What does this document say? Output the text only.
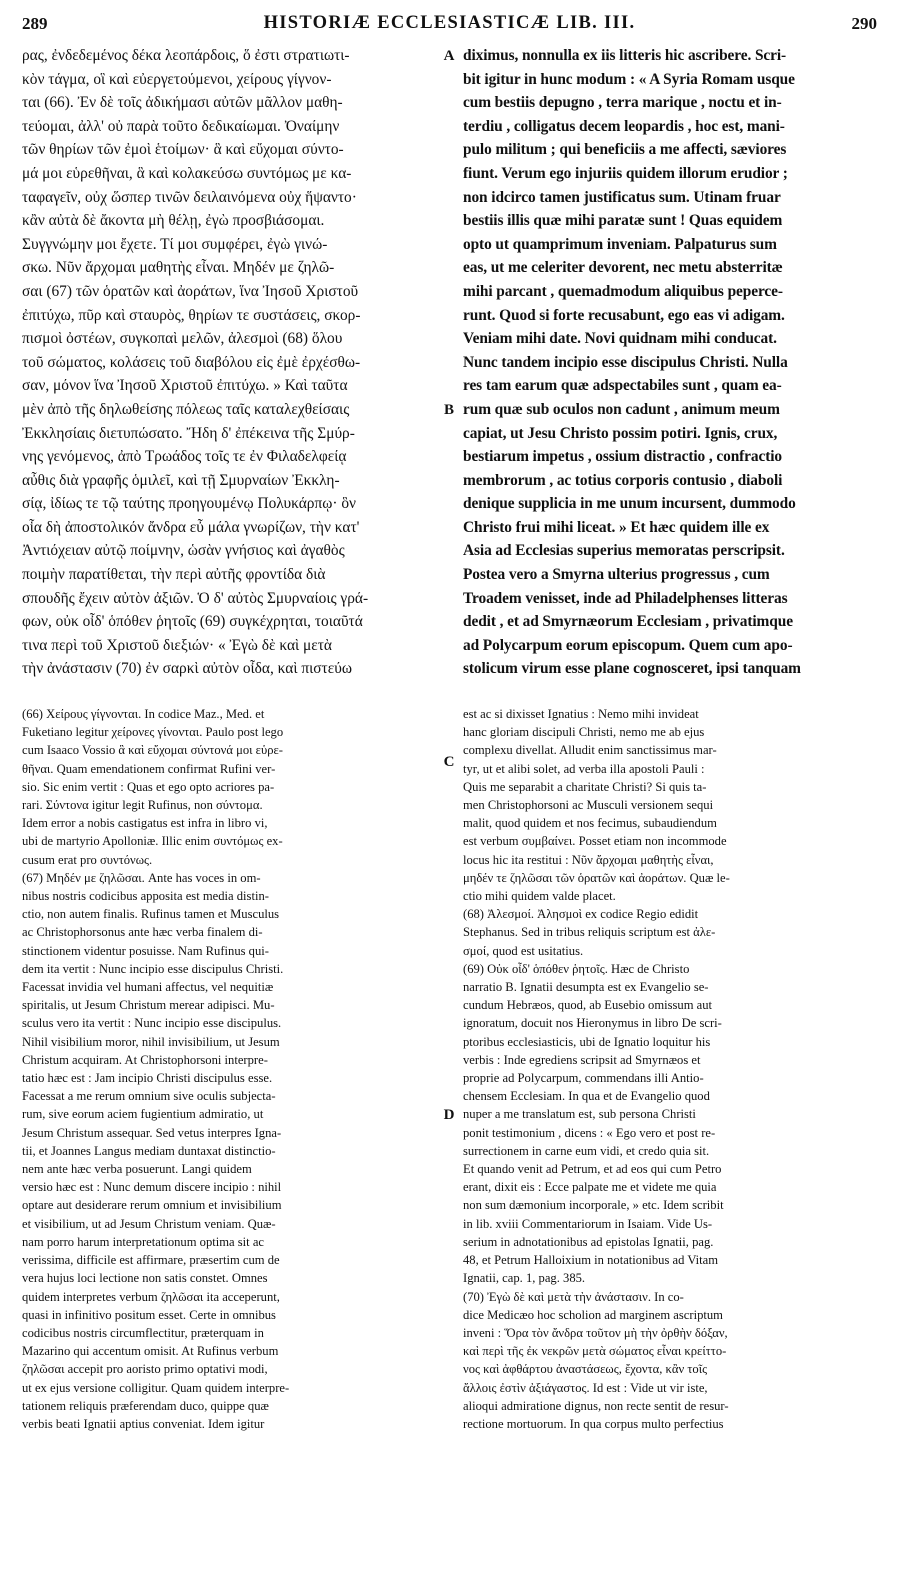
289	HISTORIÆ ECCLESIASTICÆ LIB. III.	290
ρας, ἐνδεδεμένος δέκα λεοπάρδοις, ὅ ἐστι στρατιωτι-
κὸν τάγμα, οἳ καὶ εὐεργετούμενοι, χείρους γίγνον-
ται (66). Ἐν δὲ τοῖς ἀδικήμασι αὐτῶν μᾶλλον μαθη-
τεύομαι, ἀλλ' οὐ παρὰ τοῦτο δεδικαίωμαι. Ὀναίμην
τῶν θηρίων τῶν ἐμοὶ ἑτοίμων· ἃ καὶ εὔχομαι σύντο-
μά μοι εὑρεθῆναι, ἃ καὶ κολακεύσω συντόμως με κα-
ταφαγεῖν, οὐχ ὥσπερ τινῶν δειλαινόμενα οὐχ ἥψαντο·
κἂν αὐτὰ δὲ ἄκοντα μὴ θέλῃ, ἐγὼ προσβιάσομαι.
Συγγνώμην μοι ἔχετε. Τί μοι συμφέρει, ἐγὼ γινώ-
σκω. Νῦν ἄρχομαι μαθητὴς εἶναι. Μηδέν με ζηλῶ-
σαι (67) τῶν ὁρατῶν καὶ ἀοράτων, ἵνα Ἰησοῦ Χριστοῦ
ἐπιτύχω, πῦρ καὶ σταυρὸς, θηρίων τε συστάσεις, σκορ-
πισμοὶ ὀστέων, συγκοπαὶ μελῶν, ἀλεσμοὶ (68) ὅλου
τοῦ σώματος, κολάσεις τοῦ διαβόλου εἰς ἐμὲ ἐρχέσθω-
σαν, μόνον ἵνα Ἰησοῦ Χριστοῦ ἐπιτύχω. » Καὶ ταῦτα
μὲν ἀπὸ τῆς δηλωθείσης πόλεως ταῖς καταλεχθείσαις
Ἐκκλησίαις διετυπώσατο. Ἤδη δ' ἐπέκεινα τῆς Σμύρ-
νης γενόμενος, ἀπὸ Τρωάδος τοῖς τε ἐν Φιλαδελφείᾳ
αὖθις διὰ γραφῆς ὁμιλεῖ, καὶ τῇ Σμυρναίων Ἐκκλη-
σίᾳ, ἰδίως τε τῷ ταύτης προηγουμένῳ Πολυκάρπῳ· ὃν
οἷα δὴ ἀποστολικόν ἄνδρα εὖ μάλα γνωρίζων, τὴν κατ'
Ἀντιόχειαν αὐτῷ ποίμνην, ὡσὰν γνήσιος καὶ ἀγαθὸς
ποιμὴν παρατίθεται, τὴν περὶ αὐτῆς φροντίδα διὰ
σπουδῆς ἔχειν αὐτὸν ἀξιῶν. Ὁ δ' αὐτὸς Σμυρναίοις γρά-
φων, οὐκ οἶδ' ὁπόθεν ῥητοῖς (69) συγκέχρηται, τοιαῦτά
τινα περὶ τοῦ Χριστοῦ διεξιών· « Ἐγὼ δὲ καὶ μετὰ
τὴν ἀνάστασιν (70) ἐν σαρκὶ αὐτὸν οἶδα, καὶ πιστεύω
diximus, nonnulla ex iis litteris hic ascribere. Scri-
bit igitur in hunc modum : « A Syria Romam usque
cum bestiis depugno , terra marique , noctu et in-
terdiu , colligatus decem leopardis , hoc est, mani-
pulo militum ; qui beneficiis a me affecti, sæviores
fiunt. Verum ego injuriis quidem illorum erudior ;
non idcirco tamen justificatus sum. Utinam fruar
bestiis illis quæ mihi paratæ sunt ! Quas equidem
opto ut quamprimum inveniam. Palpaturus sum
eas, ut me celeriter devorent, nec metu absterritæ
mihi parcant , quemadmodum aliquibus pepercе-
runt. Quod si forte recusabunt, ego eas vi adigam.
Veniam mihi date. Novi quidnam mihi conducat.
Nunc tandem incipio esse discipulus Christi. Nulla
res tam earum quæ adspectabiles sunt , quam ea-
rum quæ sub oculos non cadunt , animum meum
capiat, ut Jesu Christo possim potiri. Ignis, crux,
bestiarum impetus , ossium distractio , confractio
membrorum , ac totius corporis contusio , diaboli
denique supplicia in me unum incursent, dummodo
Christo frui mihi liceat. » Et hæc quidem ille ex
Asia ad Ecclesias superius memoratas perscripsit.
Postea vero a Smyrna ulterius progressus , cum
Troadem venisset, inde ad Philadelphenses litteras
dedit , et ad Smyrnæorum Ecclesiam , privatimque
ad Polycarpum eorum episcopum. Quem cum apo-
stolicum virum esse plane cognosceret, ipsi tanquam
A
B
C
D
(66) Χείρους γίγνονται. In codice Maz., Med. et
Fuketiano legitur χείρονες γίνονται. Paulo post lego
cum Isaaco Vossio ἃ καὶ εὔχομαι σύντονά μοι εὑρε-
θῆναι. Quam emendationem confirmat Rufini ver-
sio. Sic enim vertit : Quas et ego opto acriores pa-
rari. Σύντονα igitur legit Rufinus, non σύντομα.
Idem error a nobis castigatus est infra in libro vi,
ubi de martyrio Apolloniæ. Illic enim συντόμως ex-
cusum erat pro συντόνως.
(67) Μηδέν με ζηλῶσαι. Ante has voces in om-
nibus nostris codicibus apposita est media distin-
ctio, non autem finalis. Rufinus tamen et Musculus
ac Christophorsonus ante hæc verba finalem di-
stinctionem videntur posuisse. Nam Rufinus qui-
dem ita vertit : Nunc incipio esse discipulus Christi.
Facessat invidia vel humani affectus, vel nequitiæ
spiritalis, ut Jesum Christum merear adipisci. Mu-
sculus vero ita vertit : Nunc incipio esse discipulus.
Nihil visibilium moror, nihil invisibilium, ut Jesum
Christum acquiram. At Christophorsoni interpre-
tatio hæc est : Jam incipio Christi discipulus esse.
Facessat a me rerum omnium sive oculis subjecta-
rum, sive eorum aciem fugientium admiratio, ut
Jesum Christum assequar. Sed vetus interpres Ignа-
tii, et Joannes Langus mediam duntaxat distinctio-
nem ante hæc verba posuerunt. Langi quidem
versio hæc est : Nunc demum discere incipio : nihil
optare aut desiderare rerum omnium et invisibilium
et visibilium, ut ad Jesum Christum veniam. Quæ-
nam porro harum interpretationum optima sit ac
verissima, difficile est affirmare, præsertim cum de
vera hujus loci lectione non satis constet. Omnes
quidem interpretes verbum ζηλῶσαι ita acceperunt,
quasi in infinitivo positum esset. Certe in omnibus
codicibus nostris circumflectitur, præterquam in
Mazarino qui accentum omisit. At Rufinus verbum
ζηλῶσαι accepit pro aoristo primo optativi modi,
ut ex ejus versione colligitur. Quam quidem interpre-
tationem reliquis præferendam duco, quippe quæ
verbis beati Ignatii aptius conveniat. Idem igitur
est ac si dixisset Ignatius : Nemo mihi invideat
hanc gloriam discipuli Christi, nemo me ab ejus
complexu divellat. Alludit enim sanctissimus mar-
tyr, ut et alibi solet, ad verba illa apostoli Pauli :
Quis me separabit a charitate Christi? Si quis ta-
men Christophorsoni ac Musculi versionem sequi
malit, quod quidem et nos fecimus, subaudiendum
est verbum συμβαίνει. Posset etiam non incommode
locus hic ita restitui : Νῦν ἄρχομαι μαθητὴς εἶναι,
μηδέν τε ζηλῶσαι τῶν ὁρατῶν καὶ ἀοράτων. Quæ le-
ctio mihi quidem valde placet.
(68) Ἀλεσμοί. Ἀλησμοὶ ex codice Regio edidit
Stephanus. Sed in tribus reliquis scriptum est ἀλε-
σμοί, quod est usitatius.
(69) Οὐκ οἶδ' ὁπόθεν ῥητοῖς. Hæc de Christo
narratio B. Ignatii desumpta est ex Evangelio se-
cundum Hebræos, quod, ab Eusebio omissum aut
ignoratum, docuit nos Hieronymus in libro De scri-
ptoribus ecclesiasticis, ubi de Ignatio loquitur his
verbis : Inde egrediens scripsit ad Smyrnæos et
proprie ad Polycarpum, commendans illi Antio-
chensem Ecclesiam. In qua et de Evangelio quod
nuper a me translatum est, sub persona Christi
ponit testimonium , dicens : « Ego vero et post re-
surrectionem in carne eum vidi, et credo quia sit.
Et quando venit ad Petrum, et ad eos qui cum Petro
erant, dixit eis : Ecce palpate me et videte me quia
non sum dæmonium incorporale, » etc. Idem scribit
in lib. xviii Commentariorum in Isaiam. Vide Us-
serium in adnotationibus ad epistolas Ignatii, pag.
48, et Petrum Halloixium in notationibus ad Vitam
Ignatii, cap. 1, pag. 385.
(70) Ἐγὼ δὲ καὶ μετὰ τὴν ἀνάστασιν. In co-
dice Medicæo hoc scholion ad marginem ascriptum
inveni : Ὅρα τὸν ἄνδρα τοῦτον μὴ τὴν ὀρθὴν δόξαν,
καὶ περὶ τῆς ἐκ νεκρῶν μετὰ σώματος εἶναι κρείττο-
νος καὶ ἀφθάρτου ἀναστάσεως, ἔχοντα, κἂν τοῖς
ἄλλοις ἐστὶν ἀξιάγαστος. Id est : Vide ut vir iste,
alioqui admiratione dignus, non recte sentit de resur-
rectione mortuorum. In qua corpus multo perfectius
